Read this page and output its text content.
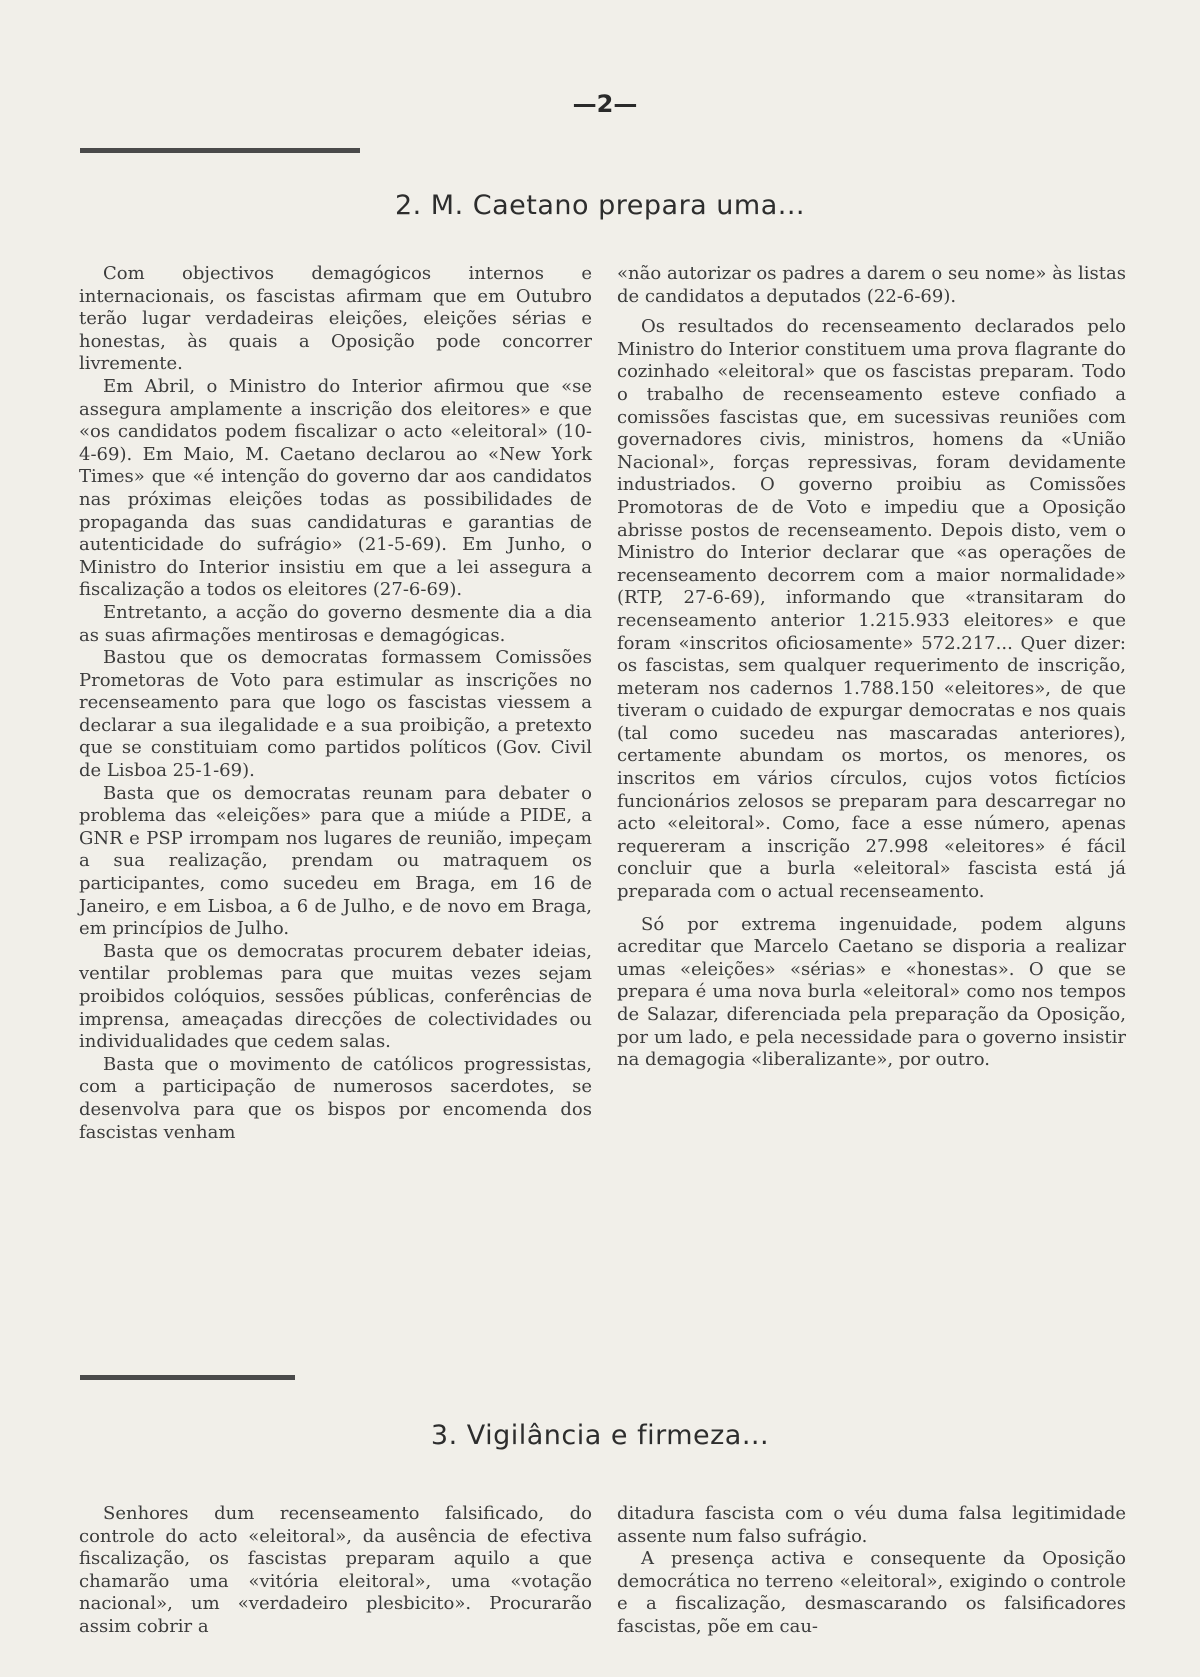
—2—
2. M. Caetano prepara uma...

Com objectivos demagógicos internos e internacionais, os fascistas afirmam que em Outubro terão lugar verdadeiras eleições, eleições sérias e honestas, às quais a Oposição pode concorrer livremente.

Em Abril, o Ministro do Interior afirmou que «se assegura amplamente a inscrição dos eleitores» e que «os candidatos podem fiscalizar o acto «eleitoral» (10-4-69). Em Maio, M. Caetano declarou ao «New York Times» que «é intenção do governo dar aos candidatos nas próximas eleições todas as possibilidades de propaganda das suas candidaturas e garantias de autenticidade do sufrágio» (21-5-69). Em Junho, o Ministro do Interior insistiu em que a lei assegura a fiscalização a todos os eleitores (27-6-69).

Entretanto, a acção do governo desmente dia a dia as suas afirmações mentirosas e demagógicas.

Bastou que os democratas formassem Comissões Prometoras de Voto para estimular as inscrições no recenseamento para que logo os fascistas viessem a declarar a sua ilegalidade e a sua proibição, a pretexto que se constituiam como partidos políticos (Gov. Civil de Lisboa 25-1-69).

Basta que os democratas reunam para debater o problema das «eleições» para que a miúde a PIDE, a GNR e PSP irrompam nos lugares de reunião, impeçam a sua realização, prendam ou matraquem os participantes, como sucedeu em Braga, em 16 de Janeiro, e em Lisboa, a 6 de Julho, e de novo em Braga, em princípios de Julho.

Basta que os democratas procurem debater ideias, ventilar problemas para que muitas vezes sejam proibidos colóquios, sessões públicas, conferências de imprensa, ameaçadas direcções de colectividades ou individualidades que cedem salas.

Basta que o movimento de católicos progressistas, com a participação de numerosos sacerdotes, se desenvolva para que os bispos por encomenda dos fascistas venham

«não autorizar os padres a darem o seu nome» às listas de candidatos a deputados (22-6-69).

Os resultados do recenseamento declarados pelo Ministro do Interior constituem uma prova flagrante do cozinhado «eleitoral» que os fascistas preparam. Todo o trabalho de recenseamento esteve confiado a comissões fascistas que, em sucessivas reuniões com governadores civis, ministros, homens da «União Nacional», forças repressivas, foram devidamente industriados. O governo proibiu as Comissões Promotoras de de Voto e impediu que a Oposição abrisse postos de recenseamento. Depois disto, vem o Ministro do Interior declarar que «as operações de recenseamento decorrem com a maior normalidade» (RTP, 27-6-69), informando que «transitaram do recenseamento anterior 1.215.933 eleitores» e que foram «inscritos oficiosamente» 572.217... Quer dizer: os fascistas, sem qualquer requerimento de inscrição, meteram nos cadernos 1.788.150 «eleitores», de que tiveram o cuidado de expurgar democratas e nos quais (tal como sucedeu nas mascaradas anteriores), certamente abundam os mortos, os menores, os inscritos em vários círculos, cujos votos fictícios funcionários zelosos se preparam para descarregar no acto «eleitoral». Como, face a esse número, apenas requereram a inscrição 27.998 «eleitores» é fácil concluir que a burla «eleitoral» fascista está já preparada com o actual recenseamento.

Só por extrema ingenuidade, podem alguns acreditar que Marcelo Caetano se disporia a realizar umas «eleições» «sérias» e «honestas». O que se prepara é uma nova burla «eleitoral» como nos tempos de Salazar, diferenciada pela preparação da Oposição, por um lado, e pela necessidade para o governo insistir na demagogia «liberalizante», por outro.

3. Vigilância e firmeza...

Senhores dum recenseamento falsificado, do controle do acto «eleitoral», da ausência de efectiva fiscalização, os fascistas preparam aquilo a que chamarão uma «vitória eleitoral», uma «votação nacional», um «verdadeiro plesbicito». Procurarão assim cobrir a

ditadura fascista com o véu duma falsa legitimidade assente num falso sufrágio.

A presença activa e consequente da Oposição democrática no terreno «eleitoral», exigindo o controle e a fiscalização, desmascarando os falsificadores fascistas, põe em cau-
